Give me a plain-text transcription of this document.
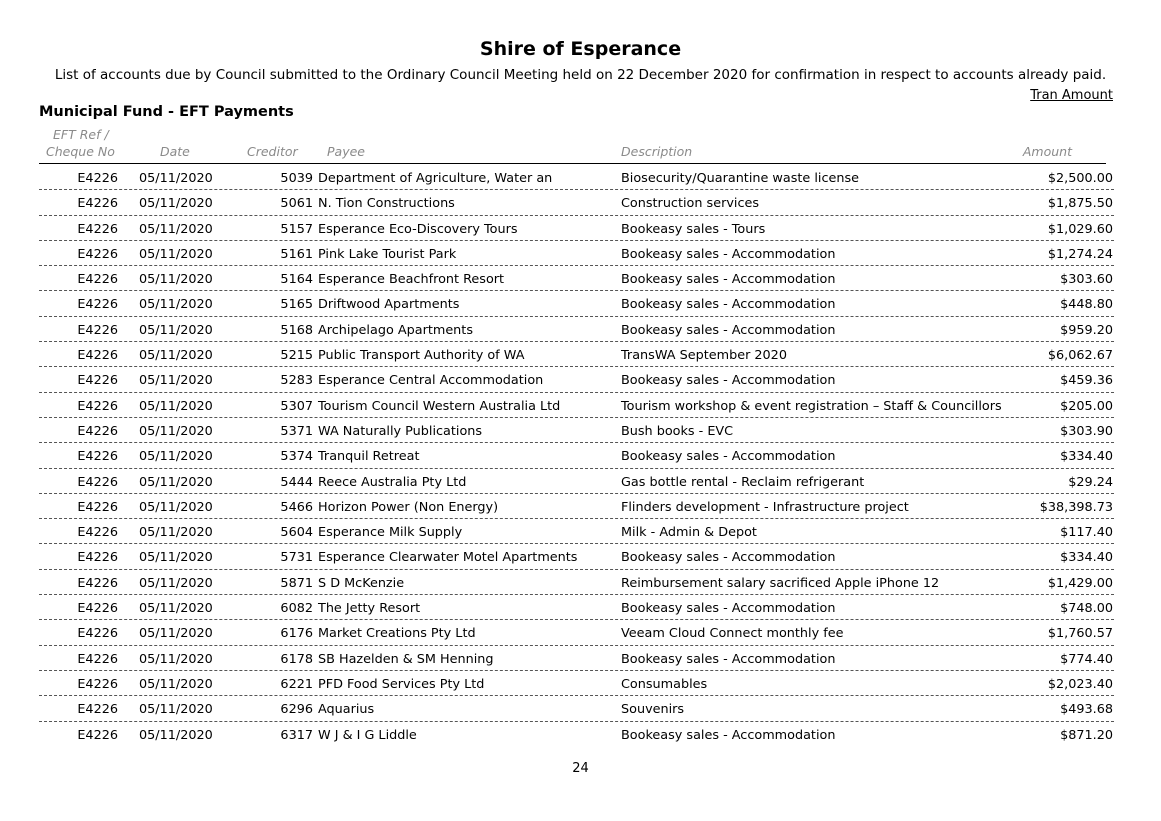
Shire of Esperance
List of accounts due by Council submitted to the Ordinary Council Meeting held on 22 December 2020 for confirmation in respect to accounts already paid.
Tran Amount
Municipal Fund - EFT Payments
EFT Ref /
Cheque No	Date	Creditor Payee	Description	Amount
E4226 05/11/2020	5039 Department of Agriculture, Water an	Biosecurity/Quarantine waste license	$2,500.00
E4226 05/11/2020	5061 N. Tion Constructions	Construction services	$1,875.50
E4226 05/11/2020	5157 Esperance Eco-Discovery Tours	Bookeasy sales - Tours	$1,029.60
E4226 05/11/2020	5161 Pink Lake Tourist Park	Bookeasy sales - Accommodation	$1,274.24
E4226 05/11/2020	5164 Esperance Beachfront Resort	Bookeasy sales - Accommodation	$303.60
E4226 05/11/2020	5165 Driftwood Apartments	Bookeasy sales - Accommodation	$448.80
E4226 05/11/2020	5168 Archipelago Apartments	Bookeasy sales - Accommodation	$959.20
E4226 05/11/2020	5215 Public Transport Authority of WA	TransWA September 2020	$6,062.67
E4226 05/11/2020	5283 Esperance Central Accommodation	Bookeasy sales - Accommodation	$459.36
E4226 05/11/2020	5307 Tourism Council Western Australia Ltd	Tourism workshop & event registration – Staff & Councillors	$205.00
E4226 05/11/2020	5371 WA Naturally Publications	Bush books - EVC	$303.90
E4226 05/11/2020	5374 Tranquil Retreat	Bookeasy sales - Accommodation	$334.40
E4226 05/11/2020	5444 Reece Australia Pty Ltd	Gas bottle rental - Reclaim refrigerant	$29.24
E4226 05/11/2020	5466 Horizon Power (Non Energy)	Flinders development - Infrastructure project	$38,398.73
E4226 05/11/2020	5604 Esperance Milk Supply	Milk - Admin & Depot	$117.40
E4226 05/11/2020	5731 Esperance Clearwater Motel Apartments	Bookeasy sales - Accommodation	$334.40
E4226 05/11/2020	5871 S D McKenzie	Reimbursement salary sacrificed Apple iPhone 12	$1,429.00
E4226 05/11/2020	6082 The Jetty Resort	Bookeasy sales - Accommodation	$748.00
E4226 05/11/2020	6176 Market Creations Pty Ltd	Veeam Cloud Connect monthly fee	$1,760.57
E4226 05/11/2020	6178 SB Hazelden & SM Henning	Bookeasy sales - Accommodation	$774.40
E4226 05/11/2020	6221 PFD Food Services Pty Ltd	Consumables	$2,023.40
E4226 05/11/2020	6296 Aquarius	Souvenirs	$493.68
E4226 05/11/2020	6317 W J & I G Liddle	Bookeasy sales - Accommodation	$871.20
24
